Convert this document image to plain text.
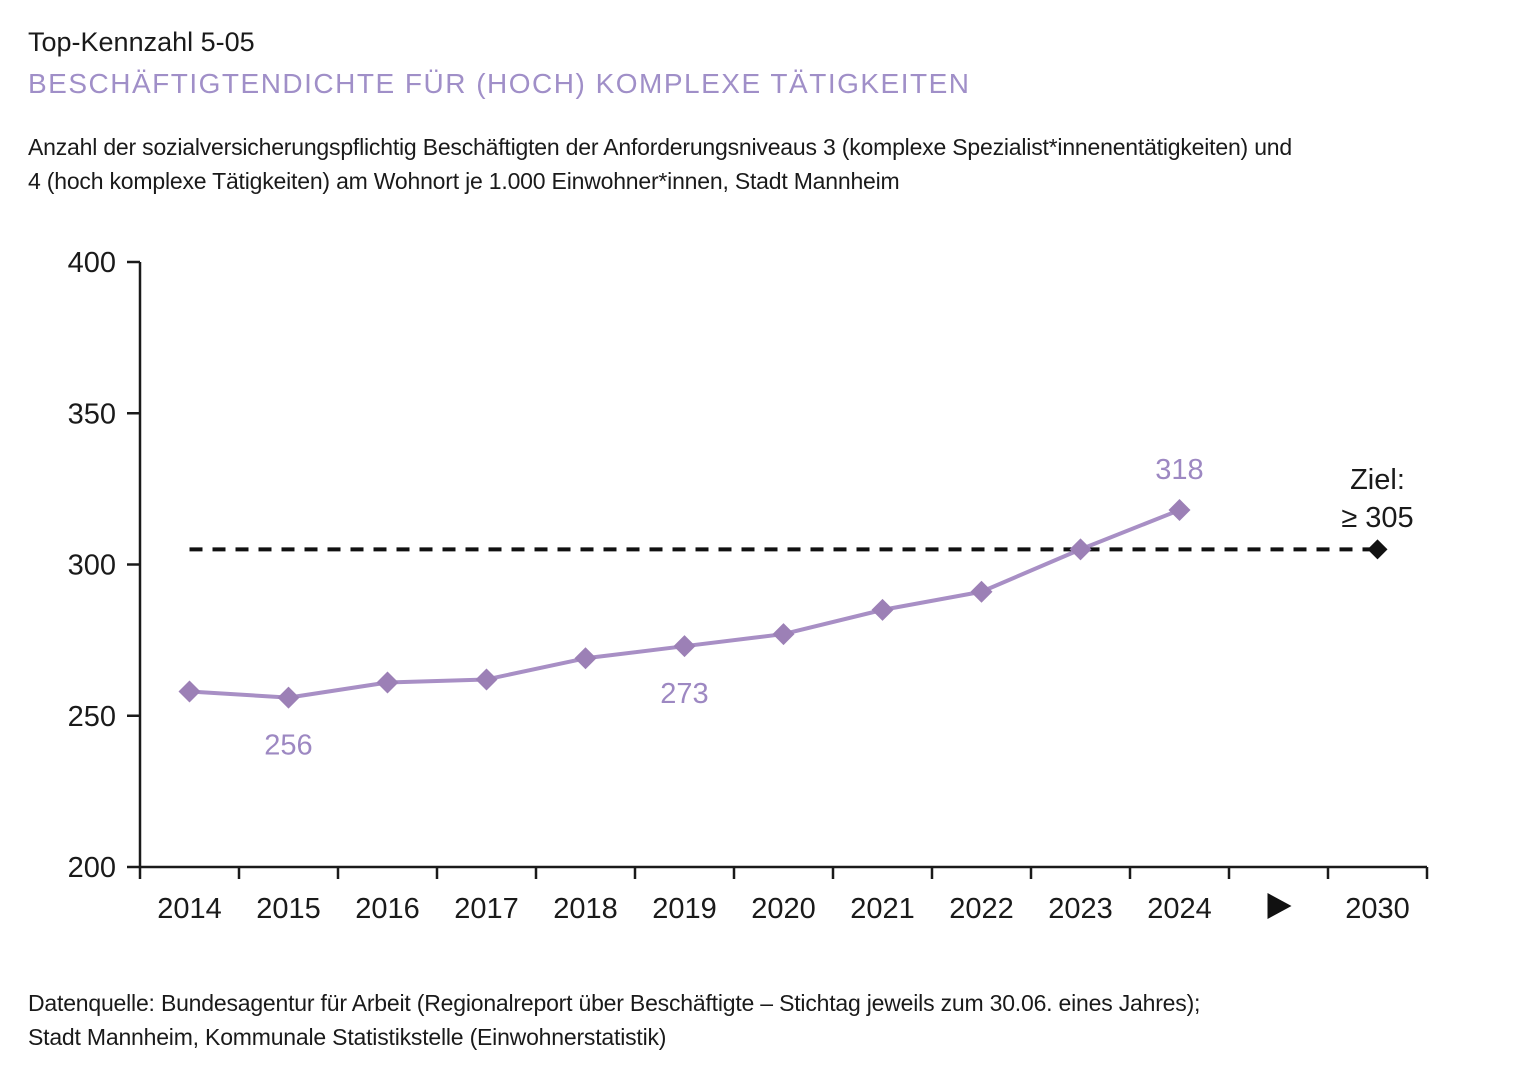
Top-Kennzahl 5-05
BESCHÄFTIGTENDICHTE FÜR (HOCH) KOMPLEXE TÄTIGKEITEN

Anzahl der sozialversicherungspflichtig Beschäftigten der Anforderungsniveaus 3 (komplexe Spezialist*innenentätigkeiten) und
4 (hoch komplexe Tätigkeiten) am Wohnort je 1.000 Einwohner*innen, Stadt Mannheim

400
350
300
250
200
2014 2015 2016 2017 2018 2019 2020 2021 2022 2023 2024	2030
256
273
318	Ziel:
≥ 305

Datenquelle: Bundesagentur für Arbeit (Regionalreport über Beschäftigte – Stichtag jeweils zum 30.06. eines Jahres);
Stadt Mannheim, Kommunale Statistikstelle (Einwohnerstatistik)
